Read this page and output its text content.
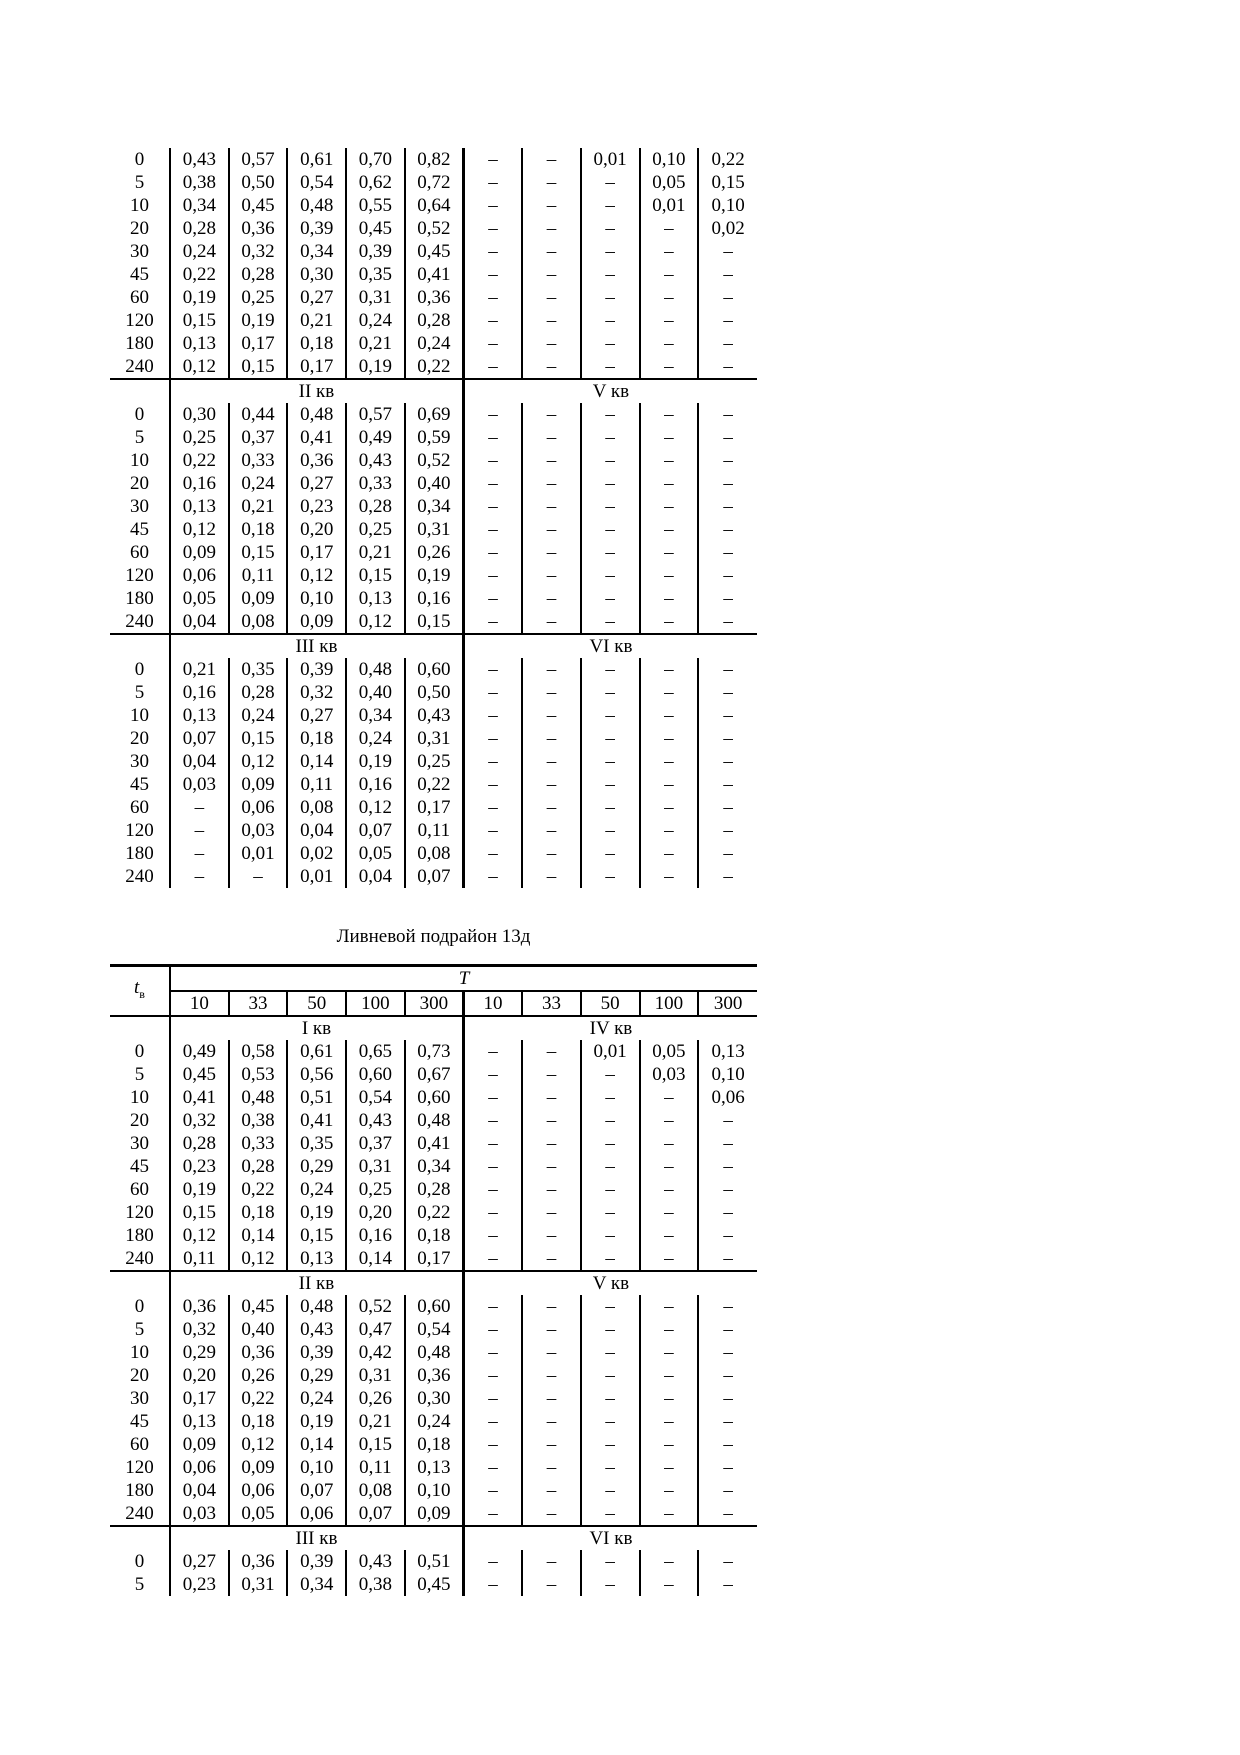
0	0,43	0,57	0,61	0,70	0,82	–	–	0,01	0,10	0,22
5	0,38	0,50	0,54	0,62	0,72	–	–	–	0,05	0,15
10	0,34	0,45	0,48	0,55	0,64	–	–	–	0,01	0,10
20	0,28	0,36	0,39	0,45	0,52	–	–	–	–	0,02
30	0,24	0,32	0,34	0,39	0,45	–	–	–	–	–
45	0,22	0,28	0,30	0,35	0,41	–	–	–	–	–
60	0,19	0,25	0,27	0,31	0,36	–	–	–	–	–
120	0,15	0,19	0,21	0,24	0,28	–	–	–	–	–
180	0,13	0,17	0,18	0,21	0,24	–	–	–	–	–
240	0,12	0,15	0,17	0,19	0,22	–	–	–	–	–
	II кв					V кв				
0	0,30	0,44	0,48	0,57	0,69	–	–	–	–	–
5	0,25	0,37	0,41	0,49	0,59	–	–	–	–	–
10	0,22	0,33	0,36	0,43	0,52	–	–	–	–	–
20	0,16	0,24	0,27	0,33	0,40	–	–	–	–	–
30	0,13	0,21	0,23	0,28	0,34	–	–	–	–	–
45	0,12	0,18	0,20	0,25	0,31	–	–	–	–	–
60	0,09	0,15	0,17	0,21	0,26	–	–	–	–	–
120	0,06	0,11	0,12	0,15	0,19	–	–	–	–	–
180	0,05	0,09	0,10	0,13	0,16	–	–	–	–	–
240	0,04	0,08	0,09	0,12	0,15	–	–	–	–	–
	III кв					VI кв				
0	0,21	0,35	0,39	0,48	0,60	–	–	–	–	–
5	0,16	0,28	0,32	0,40	0,50	–	–	–	–	–
10	0,13	0,24	0,27	0,34	0,43	–	–	–	–	–
20	0,07	0,15	0,18	0,24	0,31	–	–	–	–	–
30	0,04	0,12	0,14	0,19	0,25	–	–	–	–	–
45	0,03	0,09	0,11	0,16	0,22	–	–	–	–	–
60	–	0,06	0,08	0,12	0,17	–	–	–	–	–
120	–	0,03	0,04	0,07	0,11	–	–	–	–	–
180	–	0,01	0,02	0,05	0,08	–	–	–	–	–
240	–	–	0,01	0,04	0,07	–	–	–	–	–
Ливневой подрайон 13д
$t_в$	T									
	10	33	50	100	300	10	33	50	100	300
	I кв					IV кв				
0	0,49	0,58	0,61	0,65	0,73	–	–	0,01	0,05	0,13
5	0,45	0,53	0,56	0,60	0,67	–	–	–	0,03	0,10
10	0,41	0,48	0,51	0,54	0,60	–	–	–	–	0,06
20	0,32	0,38	0,41	0,43	0,48	–	–	–	–	–
30	0,28	0,33	0,35	0,37	0,41	–	–	–	–	–
45	0,23	0,28	0,29	0,31	0,34	–	–	–	–	–
60	0,19	0,22	0,24	0,25	0,28	–	–	–	–	–
120	0,15	0,18	0,19	0,20	0,22	–	–	–	–	–
180	0,12	0,14	0,15	0,16	0,18	–	–	–	–	–
240	0,11	0,12	0,13	0,14	0,17	–	–	–	–	–
	II кв					V кв				
0	0,36	0,45	0,48	0,52	0,60	–	–	–	–	–
5	0,32	0,40	0,43	0,47	0,54	–	–	–	–	–
10	0,29	0,36	0,39	0,42	0,48	–	–	–	–	–
20	0,20	0,26	0,29	0,31	0,36	–	–	–	–	–
30	0,17	0,22	0,24	0,26	0,30	–	–	–	–	–
45	0,13	0,18	0,19	0,21	0,24	–	–	–	–	–
60	0,09	0,12	0,14	0,15	0,18	–	–	–	–	–
120	0,06	0,09	0,10	0,11	0,13	–	–	–	–	–
180	0,04	0,06	0,07	0,08	0,10	–	–	–	–	–
240	0,03	0,05	0,06	0,07	0,09	–	–	–	–	–
	III кв					VI кв				
0	0,27	0,36	0,39	0,43	0,51	–	–	–	–	–
5	0,23	0,31	0,34	0,38	0,45	–	–	–	–	–
